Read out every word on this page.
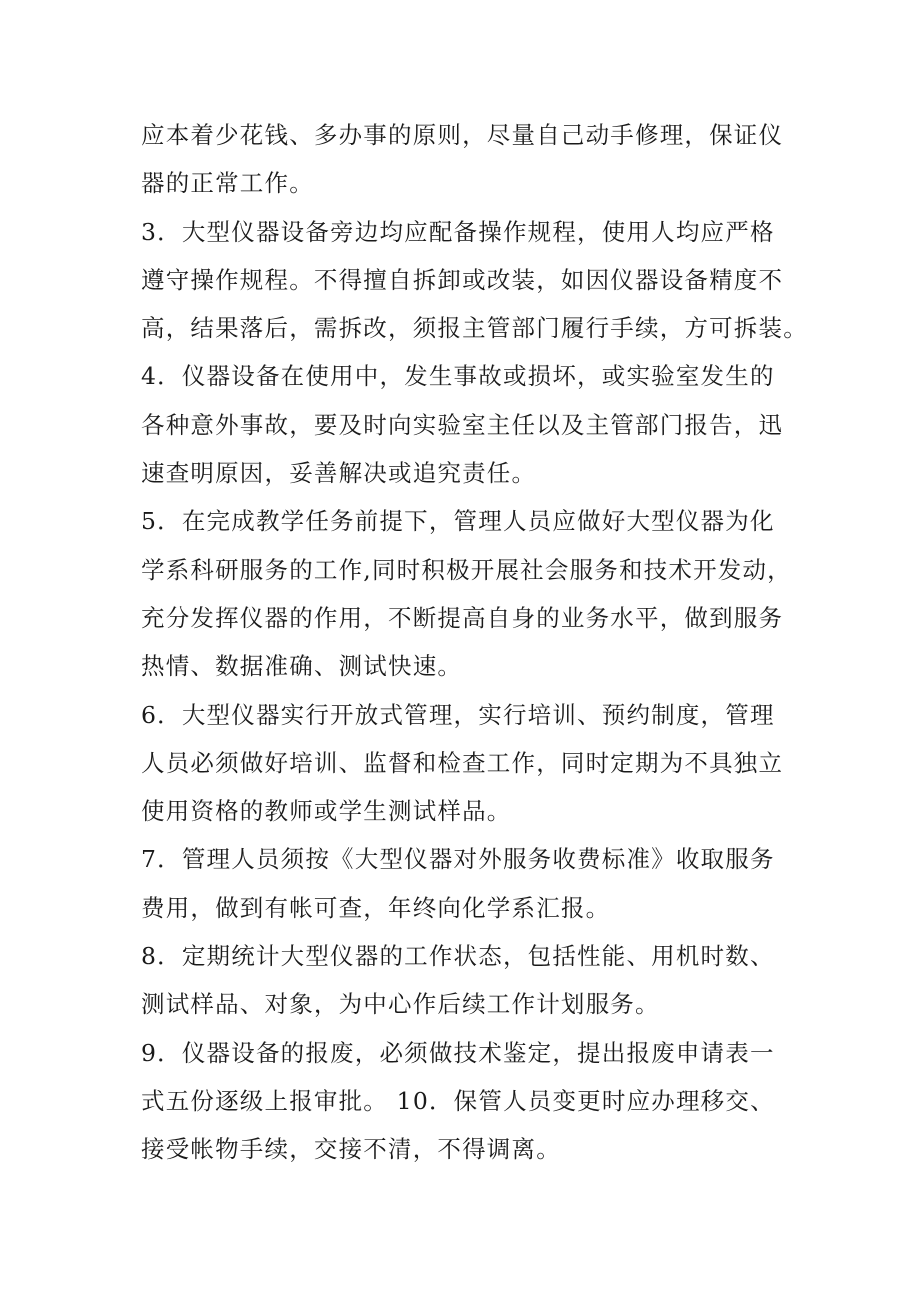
应本着少花钱、多办事的原则，尽量自己动手修理，保证仪
器的正常工作。
3．大型仪器设备旁边均应配备操作规程，使用人均应严格
遵守操作规程。不得擅自拆卸或改装，如因仪器设备精度不
高，结果落后，需拆改，须报主管部门履行手续，方可拆装。
4．仪器设备在使用中，发生事故或损坏，或实验室发生的
各种意外事故，要及时向实验室主任以及主管部门报告，迅
速查明原因，妥善解决或追究责任。
5．在完成教学任务前提下，管理人员应做好大型仪器为化
学系科研服务的工作,同时积极开展社会服务和技术开发动，
充分发挥仪器的作用，不断提高自身的业务水平，做到服务
热情、数据准确、测试快速。
6．大型仪器实行开放式管理，实行培训、预约制度，管理
人员必须做好培训、监督和检查工作，同时定期为不具独立
使用资格的教师或学生测试样品。
7．管理人员须按《大型仪器对外服务收费标准》收取服务
费用，做到有帐可查，年终向化学系汇报。
8．定期统计大型仪器的工作状态，包括性能、用机时数、
测试样品、对象，为中心作后续工作计划服务。
9．仪器设备的报废，必须做技术鉴定，提出报废申请表一
式五份逐级上报审批。 10．保管人员变更时应办理移交、
接受帐物手续，交接不清，不得调离。
